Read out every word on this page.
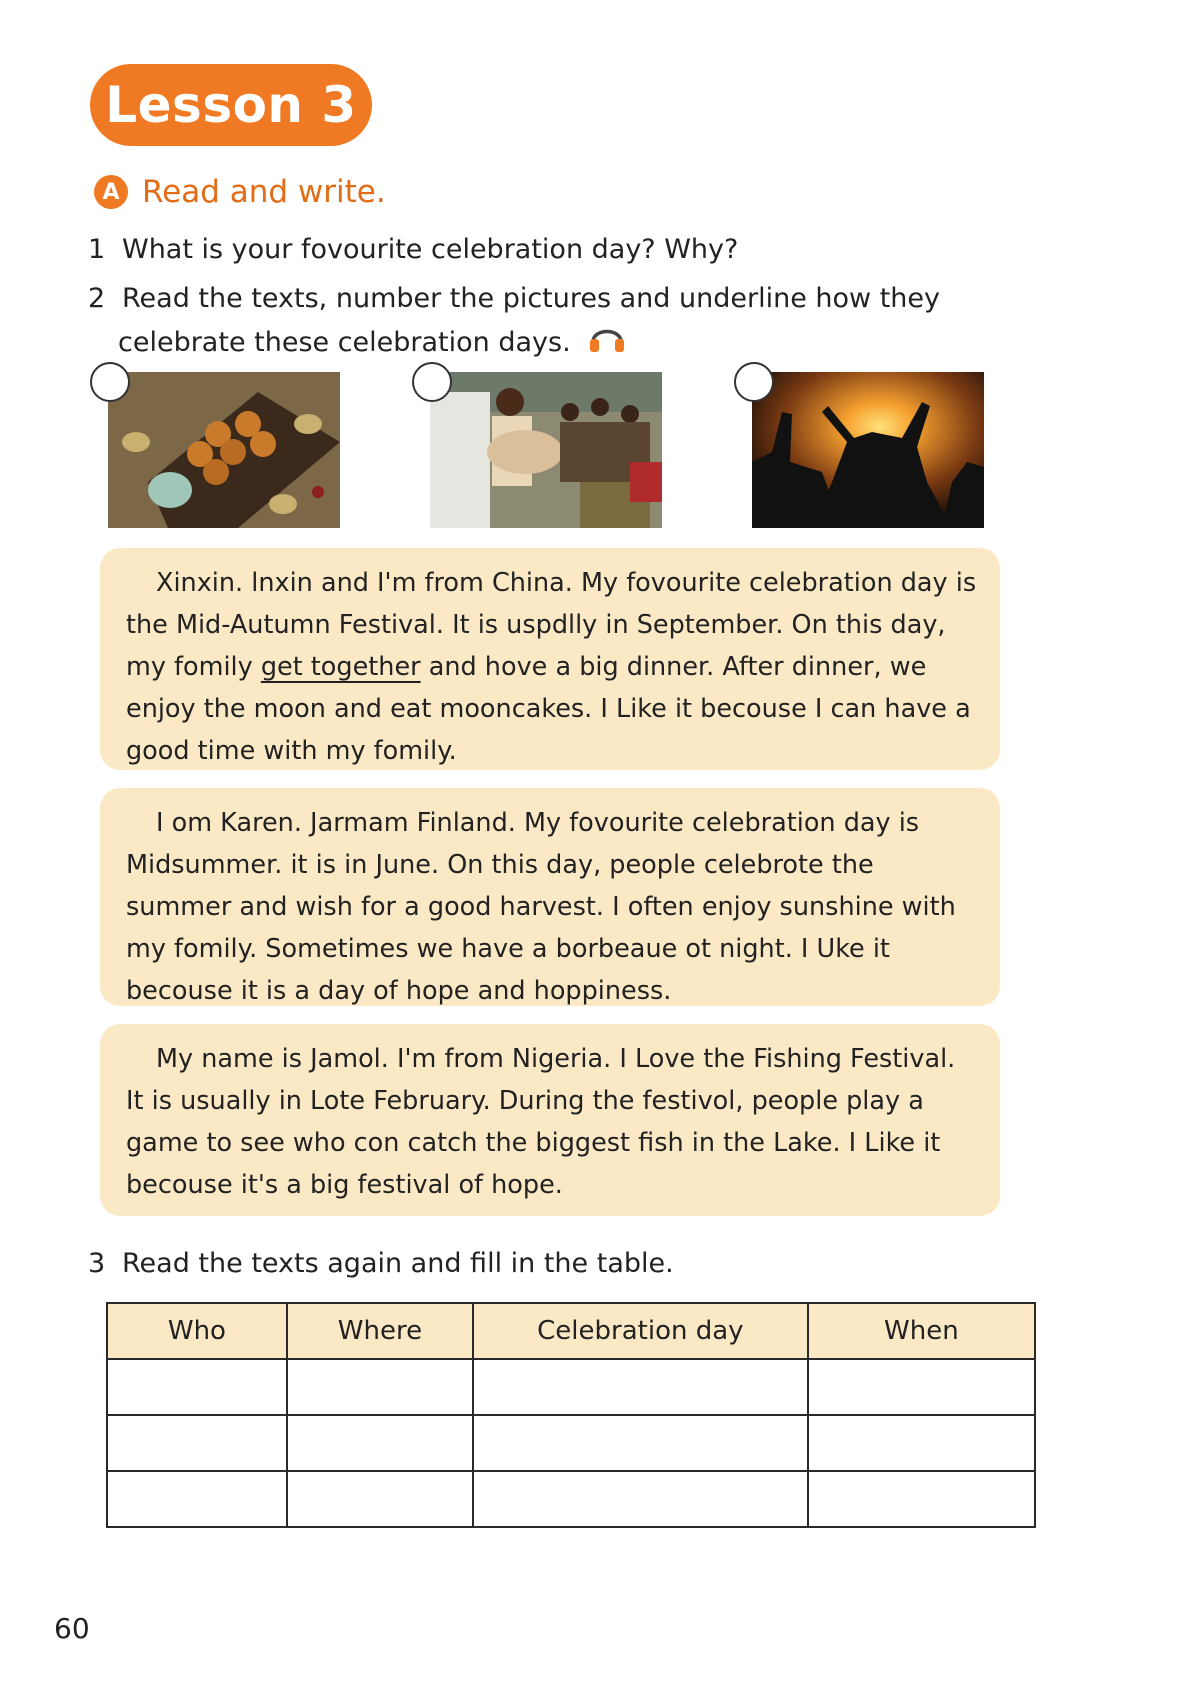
Lesson 3
A Read and write.
1 What is your fovourite celebration day? Why?
2 Read the texts, number the pictures and underline how they
celebrate these celebration days.

Xinxin. lnxin and I'm from China. My fovourite celebration day is the Mid-Autumn Festival. It is uspdlly in September. On this day, my fomily get together and hove a big dinner. After dinner, we enjoy the moon and eat mooncakes. I Like it becouse I can have a good time with my fomily.

I om Karen. Jarmam Finland. My fovourite celebration day is Midsummer. it is in June. On this day, people celebrote the summer and wish for a good harvest. I often enjoy sunshine with my fomily. Sometimes we have a borbeaue ot night. I Uke it becouse it is a day of hope and hoppiness.

My name is Jamol. I'm from Nigeria. I Love the Fishing Festival. It is usually in Lote February. During the festivol, people play a game to see who con catch the biggest fish in the Lake. I Like it becouse it's a big festival of hope.

3 Read the texts again and fill in the table.
Who	Where	Celebration day	When

60
